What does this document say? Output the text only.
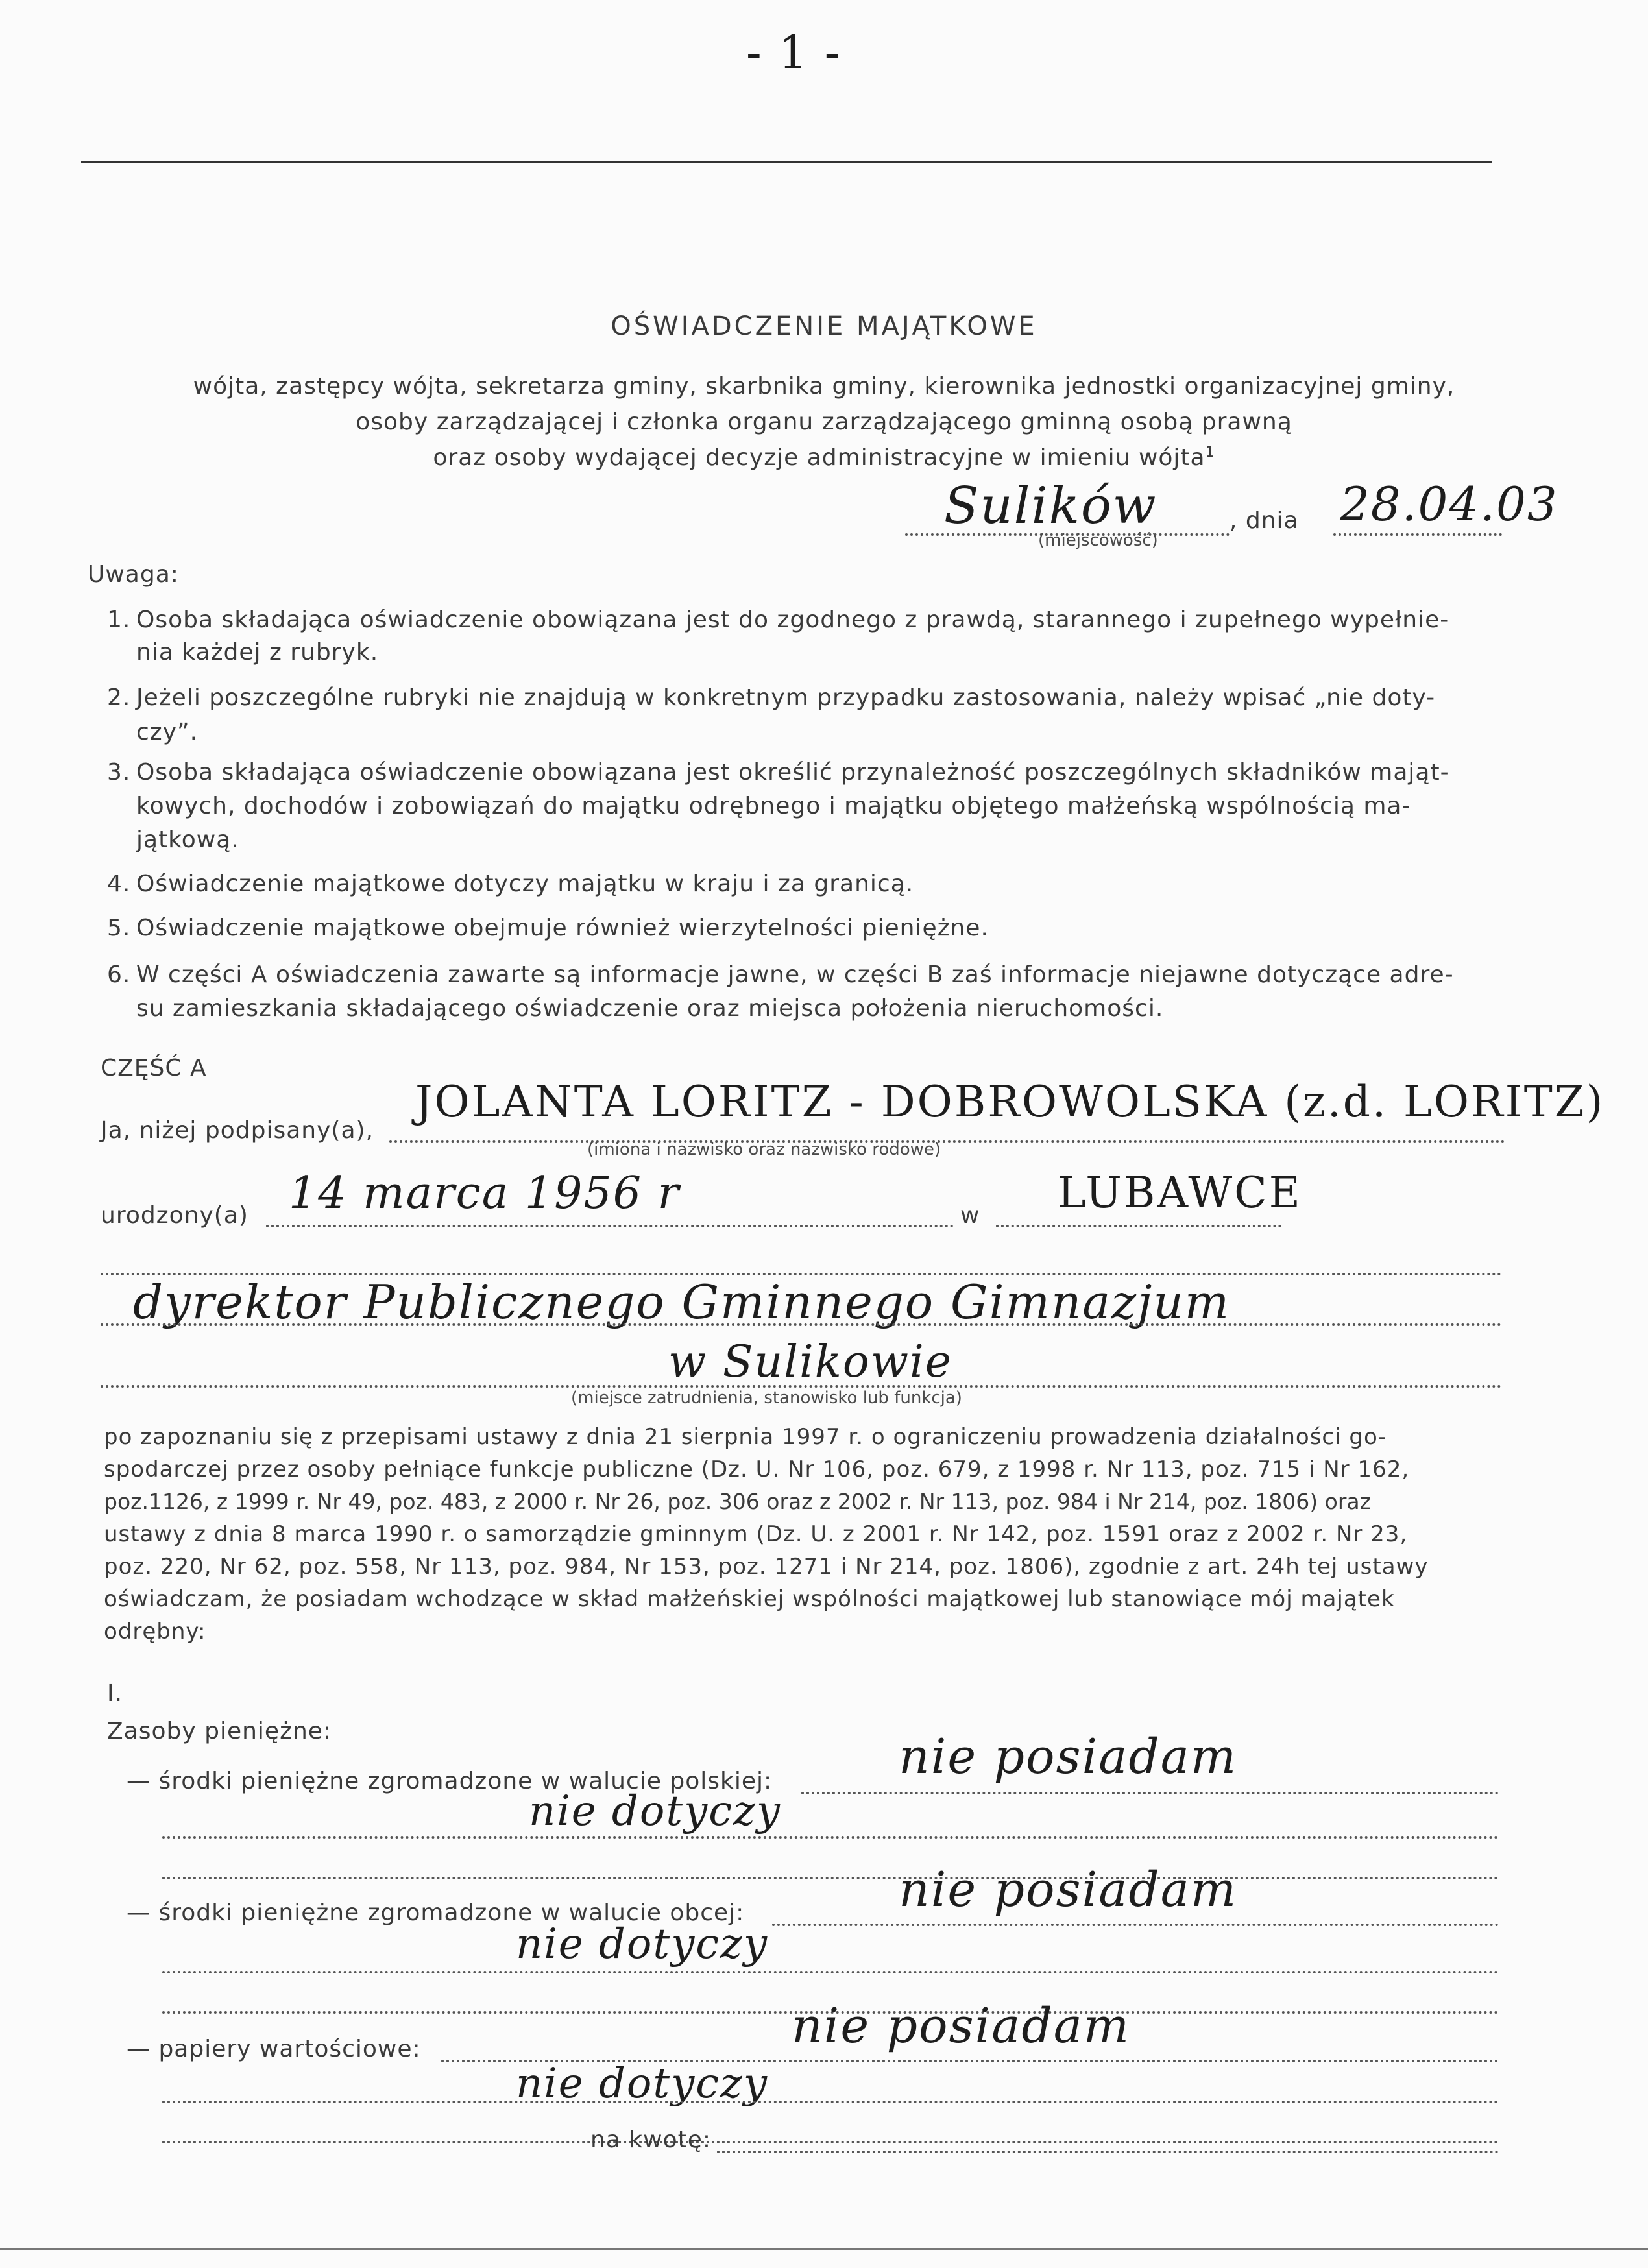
- 1 -
OŚWIADCZENIE MAJĄTKOWE
wójta, zastępcy wójta, sekretarza gminy, skarbnika gminy, kierownika jednostki organizacyjnej gminy,
osoby zarządzającej i członka organu zarządzającego gminną osobą prawną
oraz osoby wydającej decyzje administracyjne w imieniu wójta$^1$
Sulików	, dnia 28.04.03
(miejscowość)
Uwaga:
1. Osoba składająca oświadczenie obowiązana jest do zgodnego z prawdą, starannego i zupełnego wypełnie-
nia każdej z rubryk.
2. Jeżeli poszczególne rubryki nie znajdują w konkretnym przypadku zastosowania, należy wpisać „nie doty-
czy”.
3. Osoba składająca oświadczenie obowiązana jest określić przynależność poszczególnych składników mająt-
kowych, dochodów i zobowiązań do majątku odrębnego i majątku objętego małżeńską wspólnością ma-
jątkową.
4. Oświadczenie majątkowe dotyczy majątku w kraju i za granicą.
5. Oświadczenie majątkowe obejmuje również wierzytelności pieniężne.
6. W części A oświadczenia zawarte są informacje jawne, w części B zaś informacje niejawne dotyczące adre-
su zamieszkania składającego oświadczenie oraz miejsca położenia nieruchomości.
CZĘŚĆ A
Ja, niżej podpisany(a),
JOLANTA LORITZ - DOBROWOLSKA (z.d. LORITZ)
(imiona i nazwisko oraz nazwisko rodowe)
urodzony(a) 14 marca 1956 r	w LUBAWCE
dyrektor Publicznego Gminnego Gimnazjum
w Sulikowie
(miejsce zatrudnienia, stanowisko lub funkcja)
po zapoznaniu się z przepisami ustawy z dnia 21 sierpnia 1997 r. o ograniczeniu prowadzenia działalności go-
spodarczej przez osoby pełniące funkcje publiczne (Dz. U. Nr 106, poz. 679, z 1998 r. Nr 113, poz. 715 i Nr 162,
poz.1126, z 1999 r. Nr 49, poz. 483, z 2000 r. Nr 26, poz. 306 oraz z 2002 r. Nr 113, poz. 984 i Nr 214, poz. 1806) oraz
ustawy z dnia 8 marca 1990 r. o samorządzie gminnym (Dz. U. z 2001 r. Nr 142, poz. 1591 oraz z 2002 r. Nr 23,
poz. 220, Nr 62, poz. 558, Nr 113, poz. 984, Nr 153, poz. 1271 i Nr 214, poz. 1806), zgodnie z art. 24h tej ustawy
oświadczam, że posiadam wchodzące w skład małżeńskiej wspólności majątkowej lub stanowiące mój majątek
odrębny:
I.
Zasoby pieniężne:
— środki pieniężne zgromadzone w walucie polskiej:	nie posiadam
nie dotyczy
— środki pieniężne zgromadzone w walucie obcej:	nie posiadam
nie dotyczy
— papiery wartościowe:	nie posiadam
nie dotyczy
na kwotę:
